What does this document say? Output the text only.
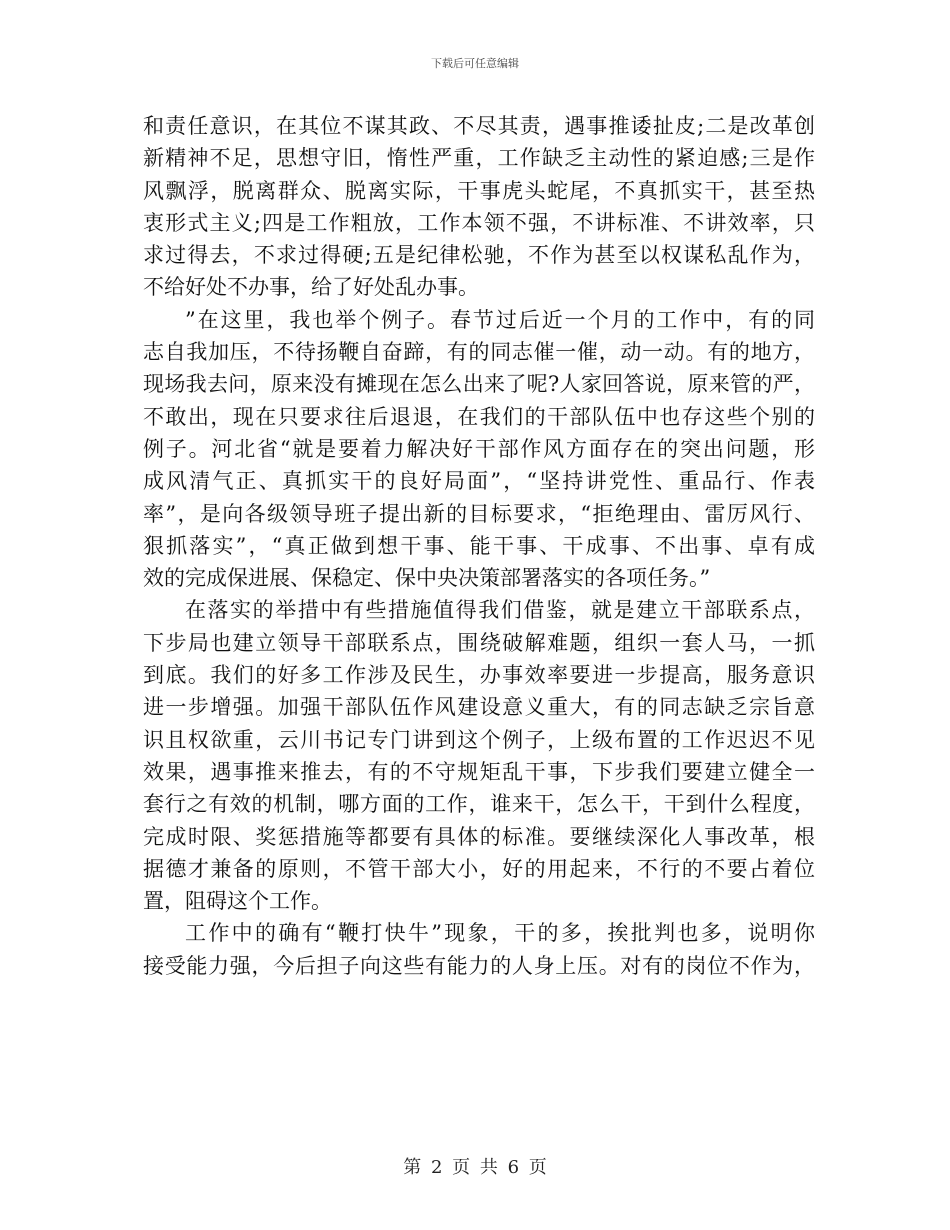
下载后可任意编辑
和责任意识，在其位不谋其政、不尽其责，遇事推诿扯皮;二是改革创
新精神不足，思想守旧，惰性严重，工作缺乏主动性的紧迫感;三是作
风飘浮，脱离群众、脱离实际，干事虎头蛇尾，不真抓实干，甚至热
衷形式主义;四是工作粗放，工作本领不强，不讲标准、不讲效率，只
求过得去，不求过得硬;五是纪律松驰，不作为甚至以权谋私乱作为，
不给好处不办事，给了好处乱办事。
”在这里，我也举个例子。春节过后近一个月的工作中，有的同
志自我加压，不待扬鞭自奋蹄，有的同志催一催，动一动。有的地方，
现场我去问，原来没有摊现在怎么出来了呢?人家回答说，原来管的严，
不敢出，现在只要求往后退退，在我们的干部队伍中也存这些个别的
例子。河北省“就是要着力解决好干部作风方面存在的突出问题，形
成风清气正、真抓实干的良好局面”，“坚持讲党性、重品行、作表
率”，是向各级领导班子提出新的目标要求，“拒绝理由、雷厉风行、
狠抓落实”，“真正做到想干事、能干事、干成事、不出事、卓有成
效的完成保进展、保稳定、保中央决策部署落实的各项任务。”
在落实的举措中有些措施值得我们借鉴，就是建立干部联系点，
下步局也建立领导干部联系点，围绕破解难题，组织一套人马，一抓
到底。我们的好多工作涉及民生，办事效率要进一步提高，服务意识
进一步增强。加强干部队伍作风建设意义重大，有的同志缺乏宗旨意
识且权欲重，云川书记专门讲到这个例子，上级布置的工作迟迟不见
效果，遇事推来推去，有的不守规矩乱干事，下步我们要建立健全一
套行之有效的机制，哪方面的工作，谁来干，怎么干，干到什么程度，
完成时限、奖惩措施等都要有具体的标准。要继续深化人事改革，根
据德才兼备的原则，不管干部大小，好的用起来，不行的不要占着位
置，阻碍这个工作。
工作中的确有“鞭打快牛”现象，干的多，挨批判也多，说明你
接受能力强，今后担子向这些有能力的人身上压。对有的岗位不作为，
第 2 页 共 6 页
